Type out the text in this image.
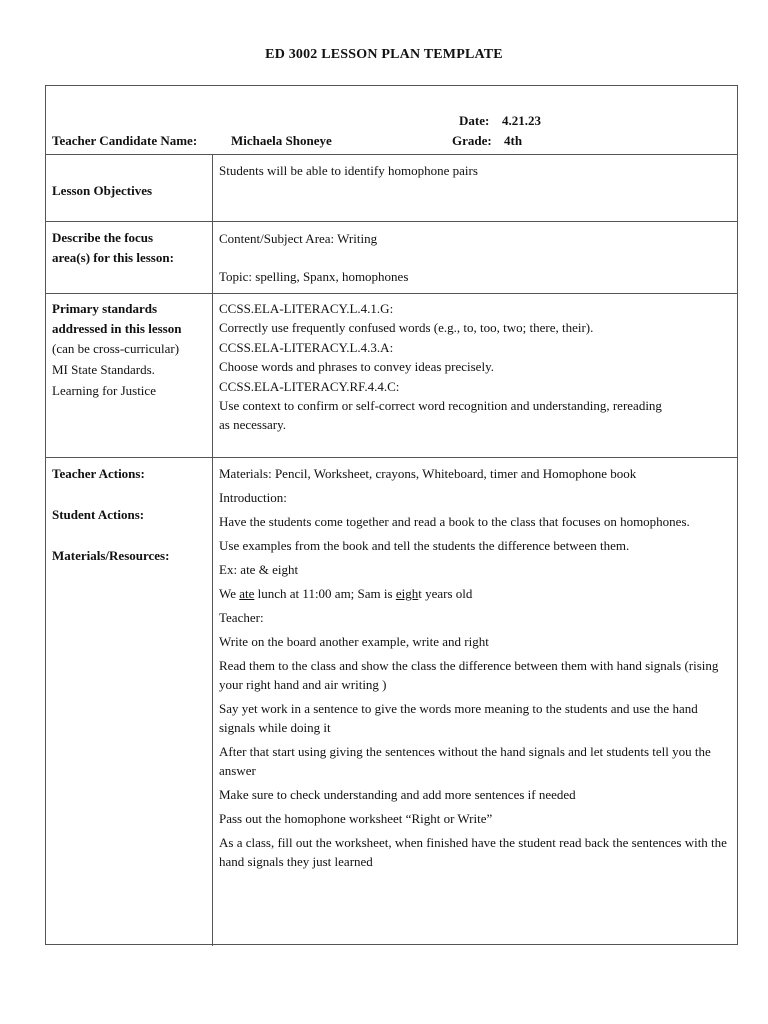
ED 3002 LESSON PLAN TEMPLATE
Date: 4.21.23
Teacher Candidate Name:	Michaela Shoneye	Grade: 4th
Lesson Objectives
Students will be able to identify homophone pairs
Describe the focus
area(s) for this lesson:
Content/Subject Area: Writing
Topic: spelling, Spanx, homophones
Primary standards
addressed in this lesson
(can be cross-curricular)
MI State Standards.
Learning for Justice
CCSS.ELA-LITERACY.L.4.1.G:
Correctly use frequently confused words (e.g., to, too, two; there, their).
CCSS.ELA-LITERACY.L.4.3.A:
Choose words and phrases to convey ideas precisely.
CCSS.ELA-LITERACY.RF.4.4.C:
Use context to confirm or self-correct word recognition and understanding, rereading
as necessary.
Teacher Actions:
Student Actions:
Materials/Resources:

Materials: Pencil, Worksheet, crayons, Whiteboard, timer and Homophone book

Introduction:

Have the students come together and read a book to the class that focuses on homophones.

Use examples from the book and tell the students the difference between them.

Ex: ate & eight

We ate lunch at 11:00 am; Sam is eight years old

Teacher:

Write on the board another example, write and right

Read them to the class and show the class the difference between them with hand signals (rising your right hand and air writing )

Say yet work in a sentence to give the words more meaning to the students and use the hand signals while doing it

After that start using giving the sentences without the hand signals and let students tell you the answer

Make sure to check understanding and add more sentences if needed

Pass out the homophone worksheet “Right or Write”

As a class, fill out the worksheet, when finished have the student read back the sentences with the hand signals they just learned
